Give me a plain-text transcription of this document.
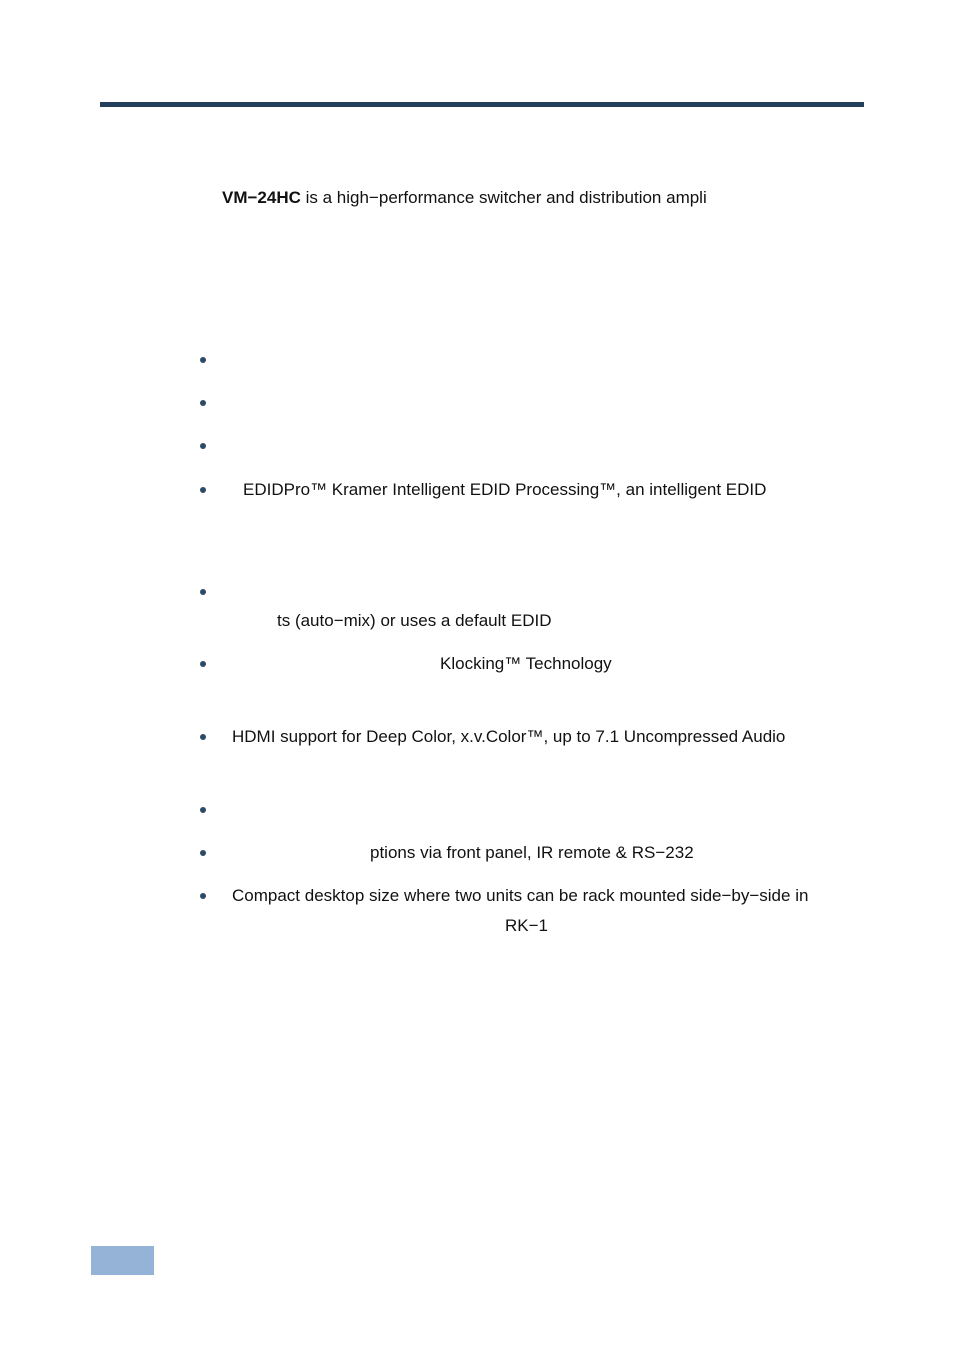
VM−24HC is a high−performance switcher and distribution ampli
EDIDPro™ Kramer Intelligent EDID Processing™, an intelligent EDID
ts (auto−mix) or uses a default EDID
Klocking™ Technology
HDMI support for Deep Color, x.v.Color™, up to 7.1 Uncompressed Audio
ptions via front panel, IR remote & RS−232
Compact desktop size where two units can be rack mounted side−by−side in
RK−1
